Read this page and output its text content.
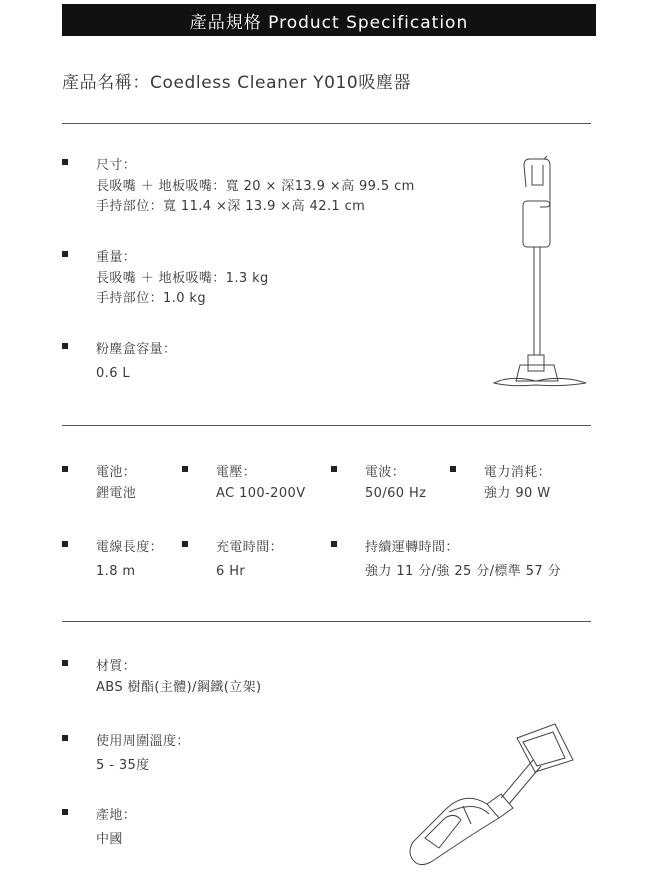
產品規格 Product Specification
產品名稱：Coedless Cleaner Y010吸塵器
尺寸：
長吸嘴 ＋ 地板吸嘴：寬 20 × 深13.9 ×高 99.5 cm
手持部位：寬 11.4 ×深 13.9 ×高 42.1 cm
重量：
長吸嘴 ＋ 地板吸嘴：1.3 kg
手持部位：1.0 kg
粉塵盒容量：
0.6 L
電池：
鋰電池
電壓：
AC 100-200V
電波：
50/60 Hz
電力消耗：
強力 90 W
電線長度：
1.8 m
充電時間：
6 Hr
持續運轉時間：
強力 11 分/強 25 分/標準 57 分
材質：
ABS 樹酯(主體)/鋼鐵(立架)
使用周圍溫度：
5 - 35度
產地：
中國
